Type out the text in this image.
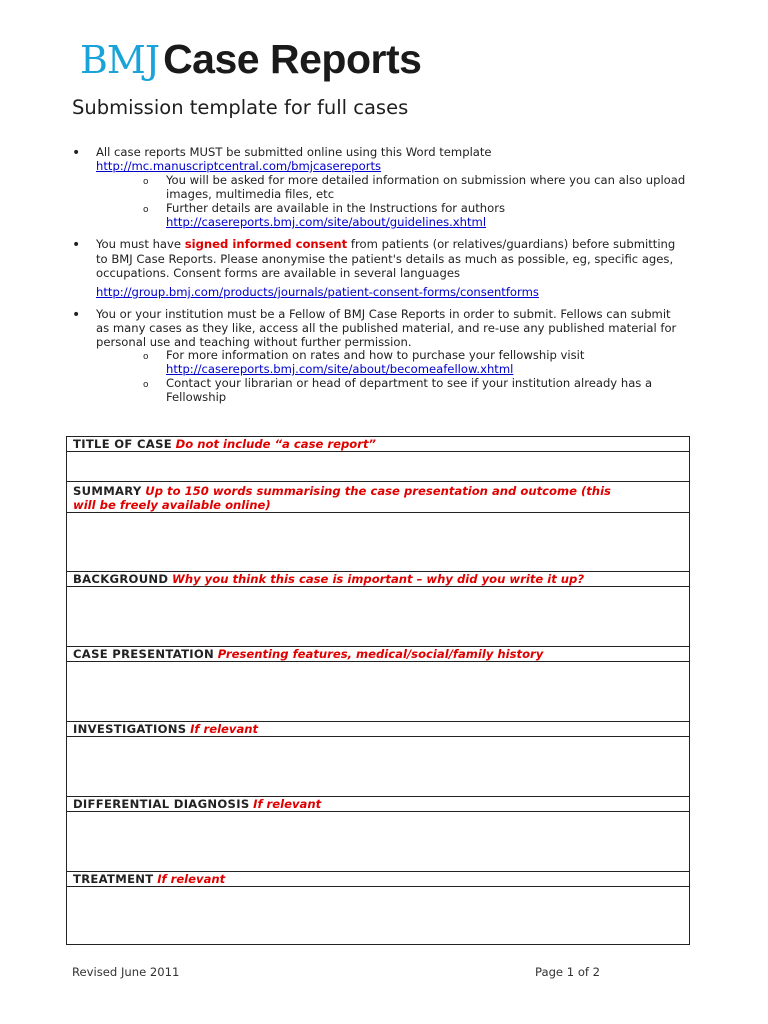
BMJCase Reports
Submission template for full cases
• All case reports MUST be submitted online using this Word template
http://mc.manuscriptcentral.com/bmjcasereports
o You will be asked for more detailed information on submission where you can also upload
images, multimedia files, etc
o Further details are available in the Instructions for authors
http://casereports.bmj.com/site/about/guidelines.xhtml
• You must have signed informed consent from patients (or relatives/guardians) before submitting
to BMJ Case Reports. Please anonymise the patient's details as much as possible, eg, specific ages,
occupations. Consent forms are available in several languages
http://group.bmj.com/products/journals/patient-consent-forms/consentforms
• You or your institution must be a Fellow of BMJ Case Reports in order to submit. Fellows can submit
as many cases as they like, access all the published material, and re-use any published material for
personal use and teaching without further permission.
o For more information on rates and how to purchase your fellowship visit
http://casereports.bmj.com/site/about/becomeafellow.xhtml
o Contact your librarian or head of department to see if your institution already has a
Fellowship
TITLE OF CASE Do not include “a case report”

SUMMARY Up to 150 words summarising the case presentation and outcome (this
will be freely available online)

BACKGROUND Why you think this case is important – why did you write it up?

CASE PRESENTATION Presenting features, medical/social/family history

INVESTIGATIONS If relevant

DIFFERENTIAL DIAGNOSIS If relevant

TREATMENT If relevant

Revised June 2011	Page 1 of 2
